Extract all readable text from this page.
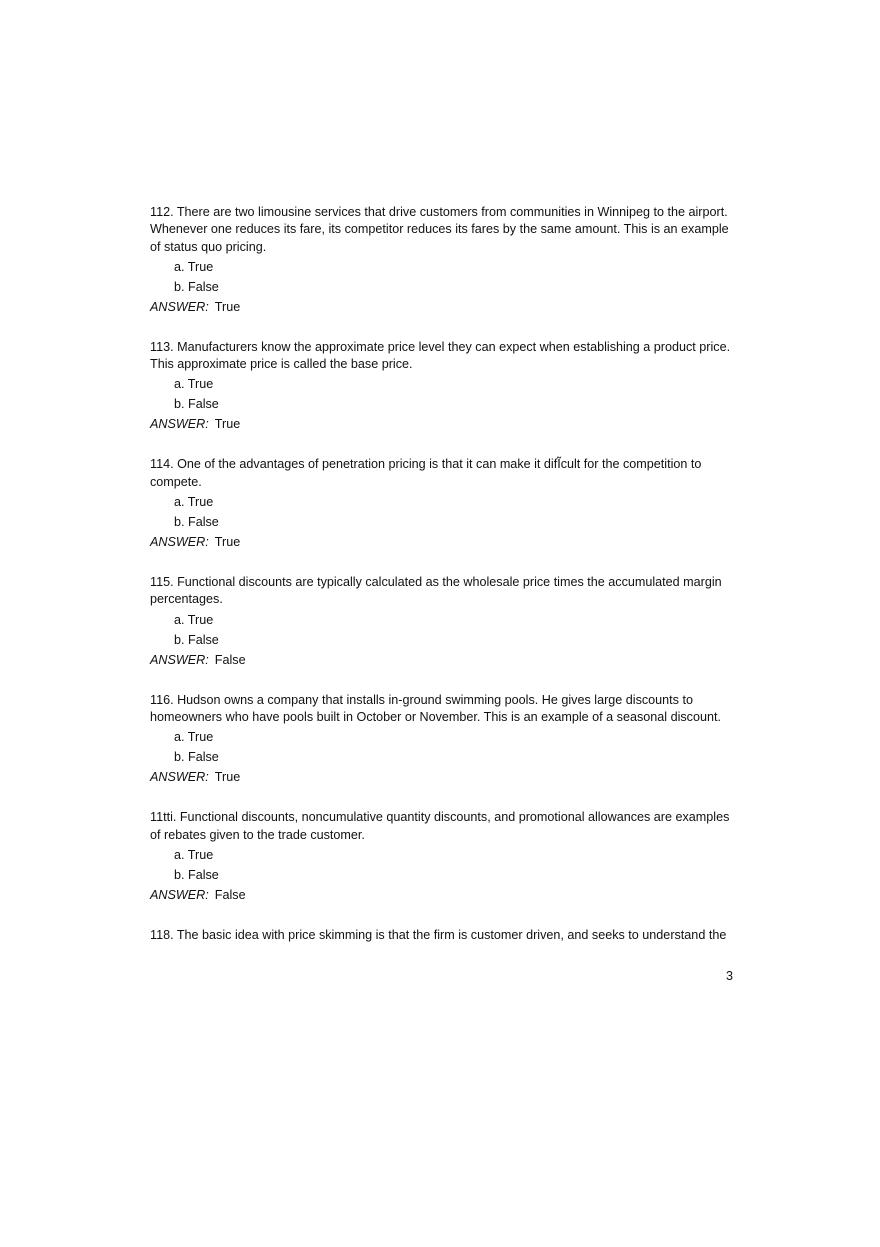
112. There are two limousine services that drive customers from communities in Winnipeg to the airport. Whenever one reduces its fare, its competitor reduces its fares by the same amount. This is an example of status quo pricing.

a. True
b. False
ANSWER: True

113. Manufacturers know the approximate price level they can expect when establishing a product price. This approximate price is called the base price.

a. True
b. False
ANSWER: True

114. One of the advantages of penetration pricing is that it can make it difĨcult for the competition to compete.

a. True
b. False
ANSWER: True

115. Functional discounts are typically calculated as the wholesale price times the accumulated margin percentages.

a. True
b. False
ANSWER: False

116. Hudson owns a company that installs in-ground swimming pools. He gives large discounts to homeowners who have pools built in October or November. This is an example of a seasonal discount.

a. True
b. False
ANSWER: True

11tti. Functional discounts, noncumulative quantity discounts, and promotional allowances are examples of rebates given to the trade customer.

a. True
b. False
ANSWER: False

118. The basic idea with price skimming is that the firm is customer driven, and seeks to understand the

3
